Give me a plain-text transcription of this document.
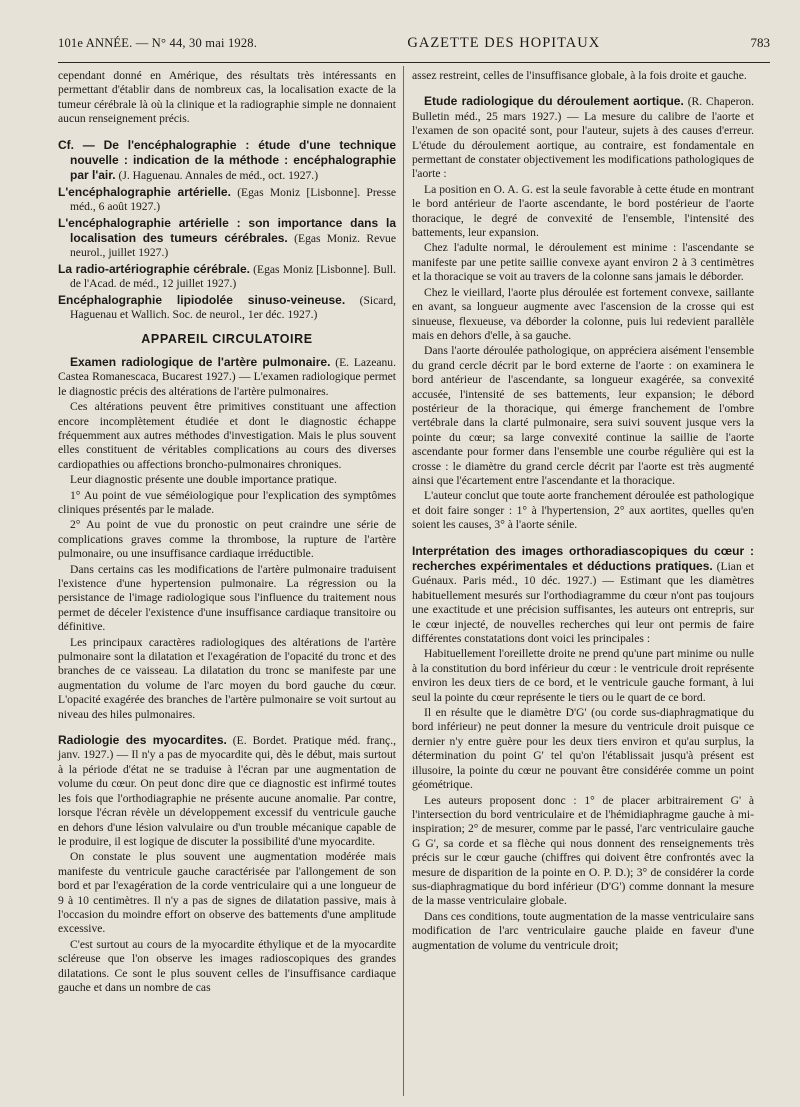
101e ANNÉE. — N° 44, 30 mai 1928.	GAZETTE DES HOPITAUX	783

cependant donné en Amérique, des résultats très intéressants en permettant d'établir dans de nombreux cas, la localisation exacte de la tumeur cérébrale là où la clinique et la radiographie simple ne donnaient aucun renseignement précis.

Cf. — De l'encéphalographie : étude d'une technique nouvelle : indication de la méthode : encéphalographie par l'air. (J. Haguenau. Annales de méd., oct. 1927.)

L'encéphalographie artérielle. (Egas Moniz [Lisbonne]. Presse méd., 6 août 1927.)

L'encéphalographie artérielle : son importance dans la localisation des tumeurs cérébrales. (Egas Moniz. Revue neurol., juillet 1927.)

La radio-artériographie cérébrale. (Egas Moniz [Lisbonne]. Bull. de l'Acad. de méd., 12 juillet 1927.)

Encéphalographie lipiodolée sinuso-veineuse. (Sicard, Haguenau et Wallich. Soc. de neurol., 1er déc. 1927.)

APPAREIL CIRCULATOIRE

Examen radiologique de l'artère pulmonaire. (E. Lazeanu. Castea Romanescaca, Bucarest 1927.) — L'examen radiologique permet le diagnostic précis des altérations de l'artère pulmonaires.

Ces altérations peuvent être primitives constituant une affection encore incomplètement étudiée et dont le diagnostic échappe fréquemment aux autres méthodes d'investigation. Mais le plus souvent elles constituent de véritables complications au cours des diverses cardiopathies ou affections broncho-pulmonaires chroniques.

Leur diagnostic présente une double importance pratique.

1° Au point de vue séméiologique pour l'explication des symptômes cliniques présentés par le malade.

2° Au point de vue du pronostic on peut craindre une série de complications graves comme la thrombose, la rupture de l'artère pulmonaire, ou une insuffisance cardiaque irréductible.

Dans certains cas les modifications de l'artère pulmonaire traduisent l'existence d'une hypertension pulmonaire. La régression ou la persistance de l'image radiologique sous l'influence du traitement nous permet de déceler l'existence d'une insuffisance cardiaque transitoire ou définitive.

Les principaux caractères radiologiques des altérations de l'artère pulmonaire sont la dilatation et l'exagération de l'opacité du tronc et des branches de ce vaisseau. La dilatation du tronc se manifeste par une augmentation du volume de l'arc moyen du bord gauche du cœur. L'opacité exagérée des branches de l'artère pulmonaire se voit surtout au niveau des hiles pulmonaires.

Radiologie des myocardites. (E. Bordet. Pratique méd. franç., janv. 1927.) — Il n'y a pas de myocardite qui, dès le début, mais surtout à la période d'état ne se traduise à l'écran par une augmentation de volume du cœur. On peut donc dire que ce diagnostic est infirmé toutes les fois que l'orthodiagraphie ne présente aucune anomalie. Par contre, lorsque l'écran révèle un développement excessif du ventricule gauche en dehors d'une lésion valvulaire ou d'un trouble mécanique capable de le produire, il est logique de discuter la possibilité d'une myocardite.

On constate le plus souvent une augmentation modérée mais manifeste du ventricule gauche caractérisée par l'allongement de son bord et par l'exagération de la corde ventriculaire qui a une longueur de 9 à 10 centimètres. Il n'y a pas de signes de dilatation passive, mais à l'occasion du moindre effort on observe des battements d'une amplitude excessive.

C'est surtout au cours de la myocardite éthylique et de la myocardite scléreuse que l'on observe les images radioscopiques des grandes dilatations. Ce sont le plus souvent celles de l'insuffisance cardiaque gauche et dans un nombre de cas

assez restreint, celles de l'insuffisance globale, à la fois droite et gauche.

Etude radiologique du déroulement aortique. (R. Chaperon. Bulletin méd., 25 mars 1927.) — La mesure du calibre de l'aorte et l'examen de son opacité sont, pour l'auteur, sujets à des causes d'erreur. L'étude du déroulement aortique, au contraire, est fondamentale en permettant de constater objectivement les modifications pathologiques de l'aorte :

La position en O. A. G. est la seule favorable à cette étude en montrant le bord antérieur de l'aorte ascendante, le bord postérieur de l'aorte thoracique, le degré de convexité de l'ensemble, l'intensité des battements, leur expansion.

Chez l'adulte normal, le déroulement est minime : l'ascendante se manifeste par une petite saillie convexe ayant environ 2 à 3 centimètres et la thoracique se voit au travers de la colonne sans jamais le déborder.

Chez le vieillard, l'aorte plus déroulée est fortement convexe, saillante en avant, sa longueur augmente avec l'ascension de la crosse qui est sinueuse, flexueuse, va déborder la colonne, puis lui redevient parallèle mais en dehors d'elle, à sa gauche.

Dans l'aorte déroulée pathologique, on appréciera aisément l'ensemble du grand cercle décrit par le bord externe de l'aorte : on examinera le bord antérieur de l'ascendante, sa longueur exagérée, sa convexité accusée, l'intensité de ses battements, leur expansion; le débord postérieur de la thoracique, qui émerge franchement de l'ombre vertébrale dans la clarté pulmonaire, sera suivi souvent jusque vers la pointe du cœur; sa large convexité continue la saillie de l'aorte ascendante pour former dans l'ensemble une courbe régulière qui est la crosse : le diamètre du grand cercle décrit par l'aorte est très augmenté ainsi que l'écartement entre l'ascendante et la thoracique.

L'auteur conclut que toute aorte franchement déroulée est pathologique et doit faire songer : 1° à l'hypertension, 2° aux aortites, quelles qu'en soient les causes, 3° à l'aorte sénile.

Interprétation des images orthoradiascopiques du cœur : recherches expérimentales et déductions pratiques. (Lian et Guénaux. Paris méd., 10 déc. 1927.) — Estimant que les diamètres habituellement mesurés sur l'orthodiagramme du cœur n'ont pas toujours une exactitude et une précision suffisantes, les auteurs ont entrepris, sur le cœur injecté, de nouvelles recherches qui leur ont permis de faire différentes constatations dont voici les principales :

Habituellement l'oreillette droite ne prend qu'une part minime ou nulle à la constitution du bord inférieur du cœur : le ventricule droit représente environ les deux tiers de ce bord, et le ventricule gauche formant, à lui seul la pointe du cœur représente le tiers ou le quart de ce bord.

Il en résulte que le diamètre D'G' (ou corde sus-diaphragmatique du bord inférieur) ne peut donner la mesure du ventricule droit puisque ce dernier n'y entre guère pour les deux tiers environ et qu'au surplus, la détermination du point G' tel qu'on l'établissait jusqu'à présent est illusoire, la pointe du cœur ne pouvant être considérée comme un point géométrique.

Les auteurs proposent donc : 1° de placer arbitrairement G' à l'intersection du bord ventriculaire et de l'hémidiaphragme gauche à mi-inspiration; 2° de mesurer, comme par le passé, l'arc ventriculaire gauche G G', sa corde et sa flèche qui nous donnent des renseignements très précis sur le cœur gauche (chiffres qui doivent être confrontés avec la mesure de disparition de la pointe en O. P. D.); 3° de considérer la corde sus-diaphragmatique du bord inférieur (D'G') comme donnant la mesure de la masse ventriculaire globale.

Dans ces conditions, toute augmentation de la masse ventriculaire sans modification de l'arc ventriculaire gauche plaide en faveur d'une augmentation de volume du ventricule droit;
